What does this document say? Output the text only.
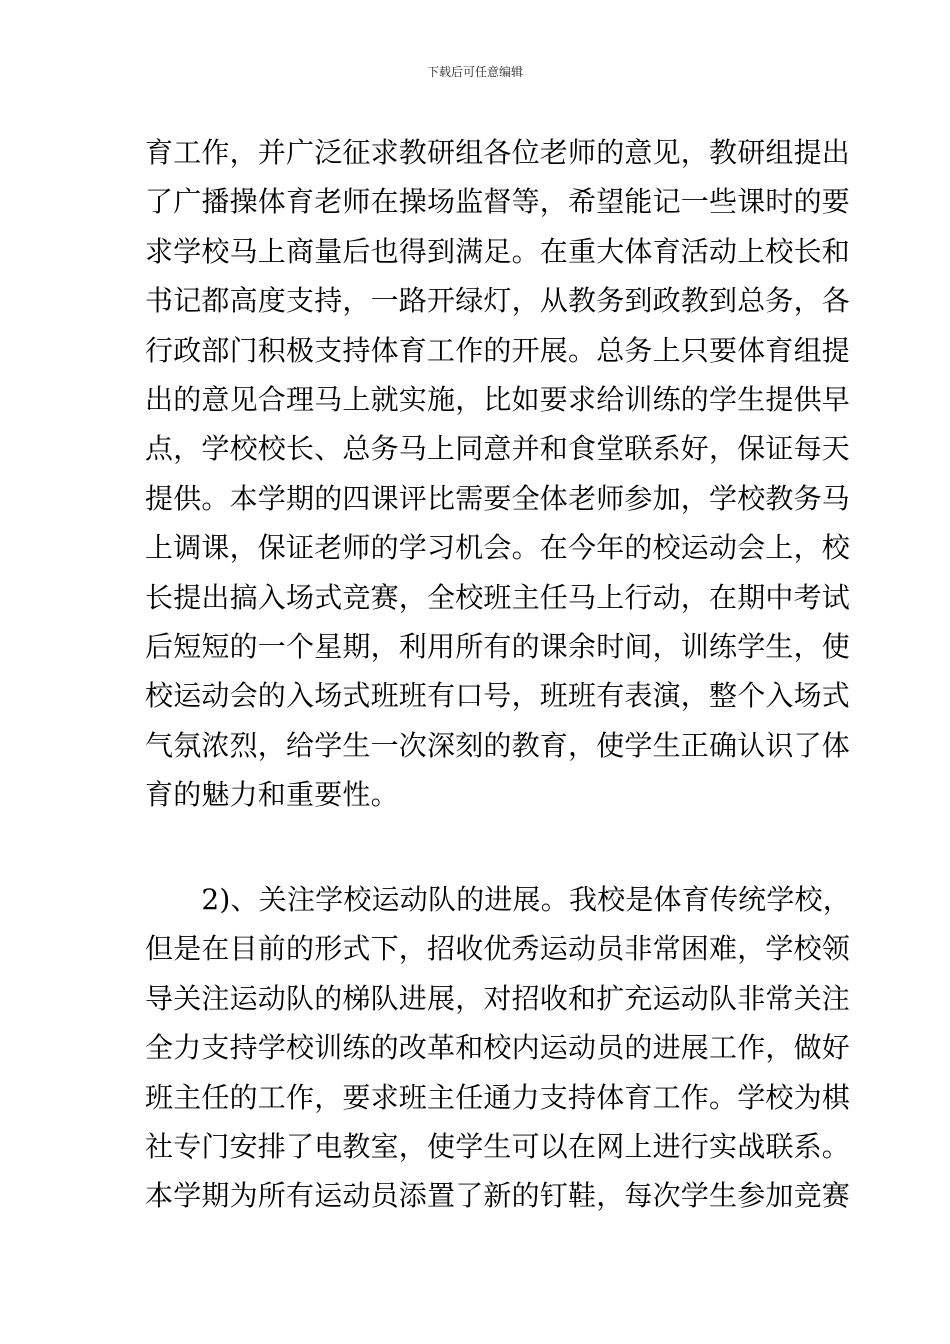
下载后可任意编辑
育工作，并广泛征求教研组各位老师的意见，教研组提出
了广播操体育老师在操场监督等，希望能记一些课时的要
求学校马上商量后也得到满足。在重大体育活动上校长和
书记都高度支持，一路开绿灯，从教务到政教到总务，各
行政部门积极支持体育工作的开展。总务上只要体育组提
出的意见合理马上就实施，比如要求给训练的学生提供早
点，学校校长、总务马上同意并和食堂联系好，保证每天
提供。本学期的四课评比需要全体老师参加，学校教务马
上调课，保证老师的学习机会。在今年的校运动会上，校
长提出搞入场式竞赛，全校班主任马上行动，在期中考试
后短短的一个星期，利用所有的课余时间，训练学生，使
校运动会的入场式班班有口号，班班有表演，整个入场式
气氛浓烈，给学生一次深刻的教育，使学生正确认识了体
育的魅力和重要性。
　　2)、关注学校运动队的进展。我校是体育传统学校，
但是在目前的形式下，招收优秀运动员非常困难，学校领
导关注运动队的梯队进展，对招收和扩充运动队非常关注
全力支持学校训练的改革和校内运动员的进展工作，做好
班主任的工作，要求班主任通力支持体育工作。学校为棋
社专门安排了电教室，使学生可以在网上进行实战联系。
本学期为所有运动员添置了新的钉鞋，每次学生参加竞赛
